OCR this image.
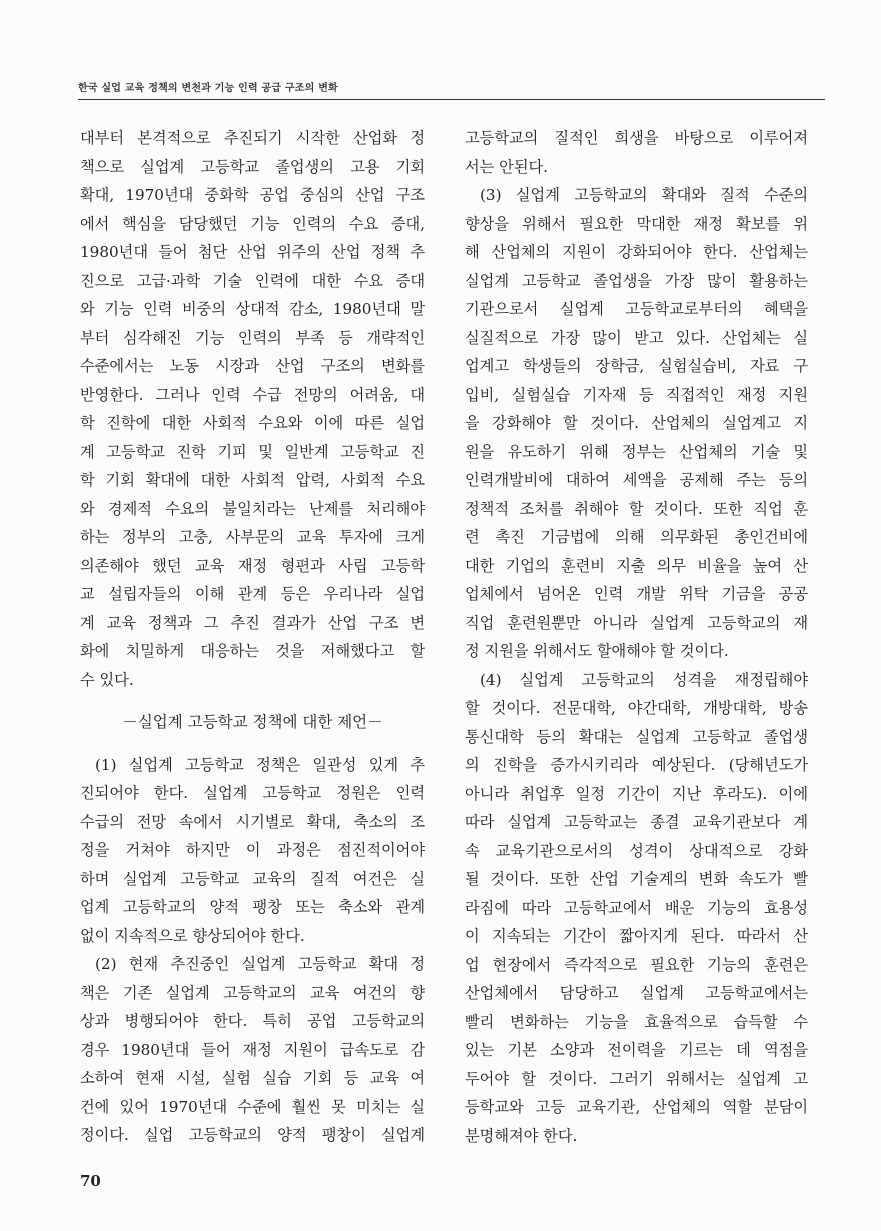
한국 실업 교육 정책의 변천과 기능 인력 공급 구조의 변화
대부터 본격적으로 추진되기 시작한 산업화 정
책으로 실업계 고등학교 졸업생의 고용 기회
확대, 1970년대 중화학 공업 중심의 산업 구조
에서 핵심을 담당했던 기능 인력의 수요 증대,
1980년대 들어 첨단 산업 위주의 산업 정책 추
진으로 고급·과학 기술 인력에 대한 수요 증대
와 기능 인력 비중의 상대적 감소, 1980년대 말
부터 심각해진 기능 인력의 부족 등 개략적인
수준에서는 노동 시장과 산업 구조의 변화를
반영한다. 그러나 인력 수급 전망의 어려움, 대
학 진학에 대한 사회적 수요와 이에 따른 실업
계 고등학교 진학 기피 및 일반계 고등학교 진
학 기회 확대에 대한 사회적 압력, 사회적 수요
와 경제적 수요의 불일치라는 난제를 처리해야
하는 정부의 고충, 사부문의 교육 투자에 크게
의존해야 했던 교육 재정 형편과 사립 고등학
교 설립자들의 이해 관계 등은 우리나라 실업
계 교육 정책과 그 추진 결과가 산업 구조 변
화에 치밀하게 대응하는 것을 저해했다고 할
수 있다.
－실업계 고등학교 정책에 대한 제언－
(1) 실업계 고등학교 정책은 일관성 있게 추
진되어야 한다. 실업계 고등학교 정원은 인력
수급의 전망 속에서 시기별로 확대, 축소의 조
정을 거쳐야 하지만 이 과정은 점진적이어야
하며 실업계 고등학교 교육의 질적 여건은 실
업계 고등학교의 양적 팽창 또는 축소와 관계
없이 지속적으로 향상되어야 한다.
(2) 현재 추진중인 실업계 고등학교 확대 정
책은 기존 실업계 고등학교의 교육 여건의 향
상과 병행되어야 한다. 특히 공업 고등학교의
경우 1980년대 들어 재정 지원이 급속도로 감
소하여 현재 시설, 실험 실습 기회 등 교육 여
건에 있어 1970년대 수준에 훨씬 못 미치는 실
정이다. 실업 고등학교의 양적 팽창이 실업계
고등학교의 질적인 희생을 바탕으로 이루어져
서는 안된다.
(3) 실업계 고등학교의 확대와 질적 수준의
향상을 위해서 필요한 막대한 재정 확보를 위
해 산업체의 지원이 강화되어야 한다. 산업체는
실업계 고등학교 졸업생을 가장 많이 활용하는
기관으로서 실업계 고등학교로부터의 혜택을
실질적으로 가장 많이 받고 있다. 산업체는 실
업계고 학생들의 장학금, 실험실습비, 자료 구
입비, 실험실습 기자재 등 직접적인 재정 지원
을 강화해야 할 것이다. 산업체의 실업계고 지
원을 유도하기 위해 정부는 산업체의 기술 및
인력개발비에 대하여 세액을 공제해 주는 등의
정책적 조처를 취해야 할 것이다. 또한 직업 훈
련 촉진 기금법에 의해 의무화된 총인건비에
대한 기업의 훈련비 지출 의무 비율을 높여 산
업체에서 넘어온 인력 개발 위탁 기금을 공공
직업 훈련원뿐만 아니라 실업계 고등학교의 재
정 지원을 위해서도 할애해야 할 것이다.
(4) 실업계 고등학교의 성격을 재정립해야
할 것이다. 전문대학, 야간대학, 개방대학, 방송
통신대학 등의 확대는 실업계 고등학교 졸업생
의 진학을 증가시키리라 예상된다. (당해년도가
아니라 취업후 일정 기간이 지난 후라도). 이에
따라 실업계 고등학교는 종결 교육기관보다 계
속 교육기관으로서의 성격이 상대적으로 강화
될 것이다. 또한 산업 기술계의 변화 속도가 빨
라짐에 따라 고등학교에서 배운 기능의 효용성
이 지속되는 기간이 짧아지게 된다. 따라서 산
업 현장에서 즉각적으로 필요한 기능의 훈련은
산업체에서 담당하고 실업계 고등학교에서는
빨리 변화하는 기능을 효율적으로 습득할 수
있는 기본 소양과 전이력을 기르는 데 역점을
두어야 할 것이다. 그러기 위해서는 실업계 고
등학교와 고등 교육기관, 산업체의 역할 분담이
분명해져야 한다.
70
